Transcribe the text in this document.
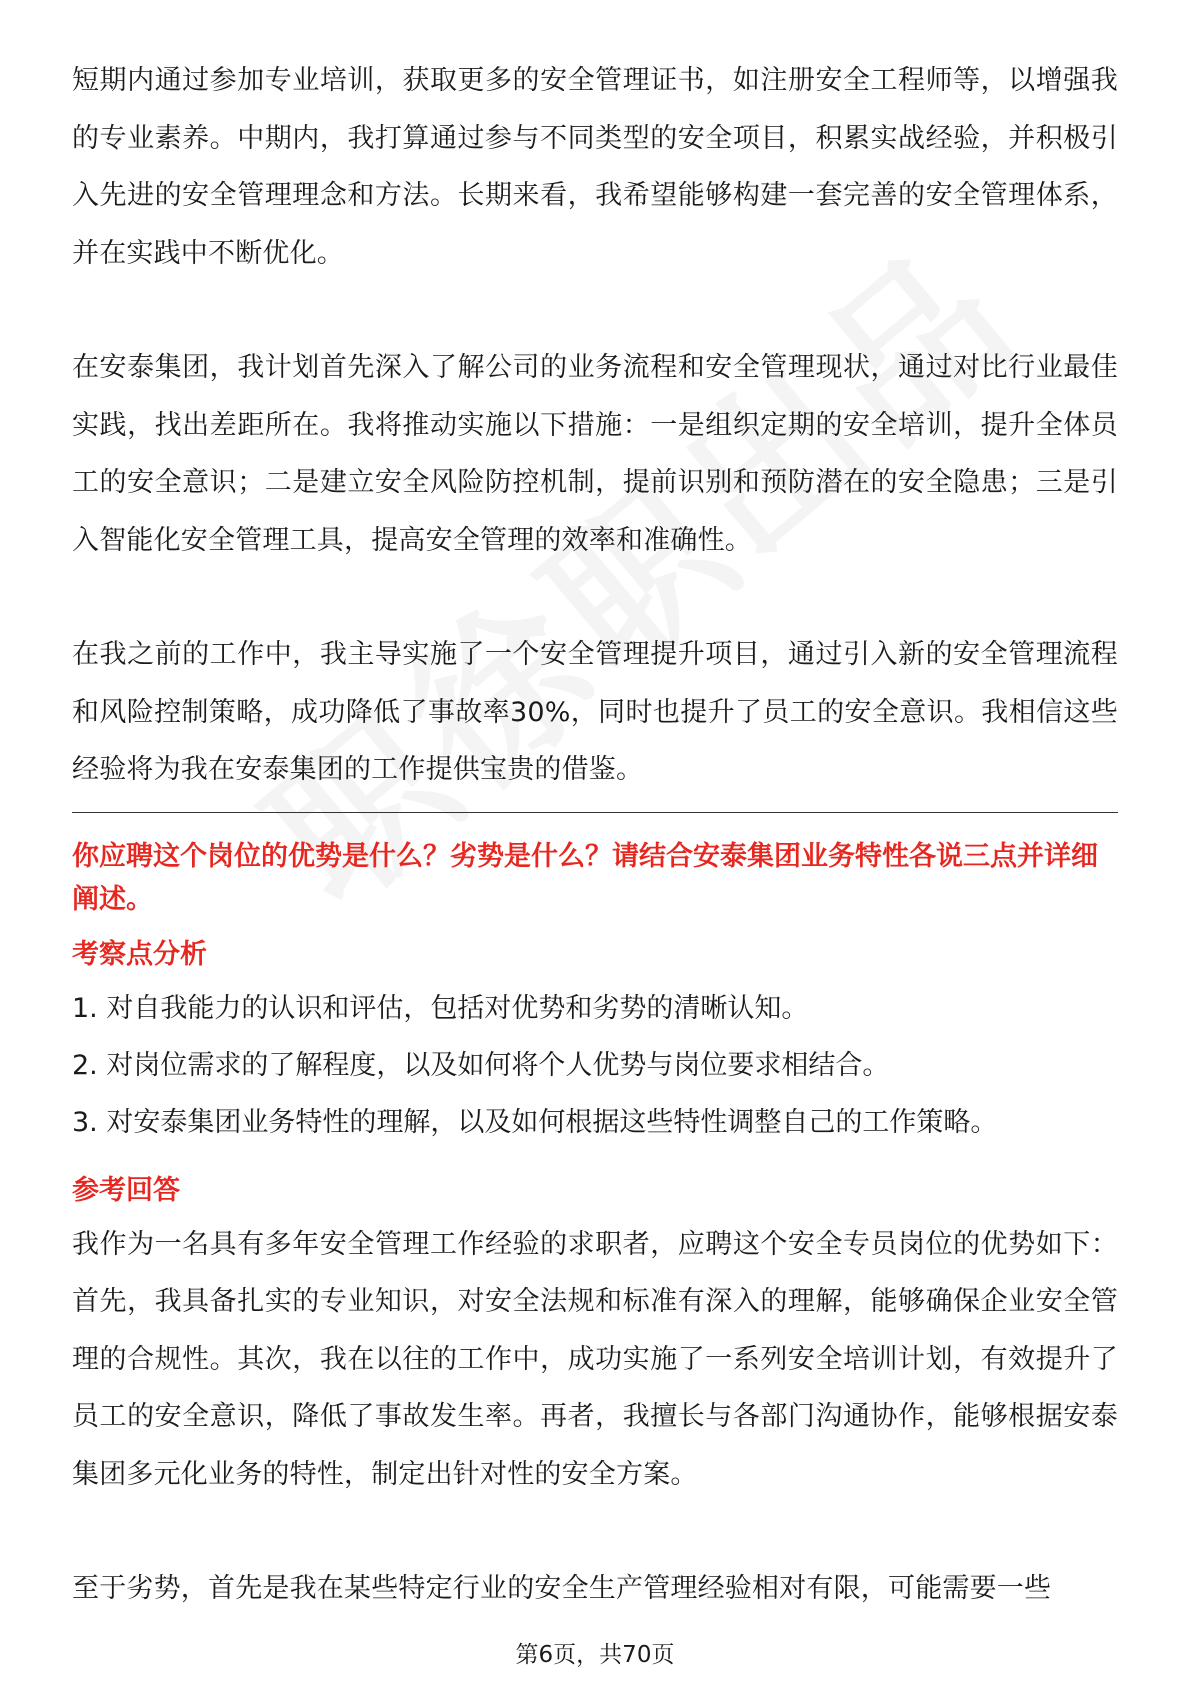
短期内通过参加专业培训，获取更多的安全管理证书，如注册安全工程师等，以增强我的专业素养。中期内，我打算通过参与不同类型的安全项目，积累实战经验，并积极引入先进的安全管理理念和方法。长期来看，我希望能够构建一套完善的安全管理体系，并在实践中不断优化。

在安泰集团，我计划首先深入了解公司的业务流程和安全管理现状，通过对比行业最佳实践，找出差距所在。我将推动实施以下措施：一是组织定期的安全培训，提升全体员工的安全意识；二是建立安全风险防控机制，提前识别和预防潜在的安全隐患；三是引入智能化安全管理工具，提高安全管理的效率和准确性。

在我之前的工作中，我主导实施了一个安全管理提升项目，通过引入新的安全管理流程和风险控制策略，成功降低了事故率30%，同时也提升了员工的安全意识。我相信这些经验将为我在安泰集团的工作提供宝贵的借鉴。

你应聘这个岗位的优势是什么？劣势是什么？请结合安泰集团业务特性各说三点并详细阐述。

考察点分析

1. 对自我能力的认识和评估，包括对优势和劣势的清晰认知。

2. 对岗位需求的了解程度，以及如何将个人优势与岗位要求相结合。

3. 对安泰集团业务特性的理解，以及如何根据这些特性调整自己的工作策略。

参考回答

我作为一名具有多年安全管理工作经验的求职者，应聘这个安全专员岗位的优势如下：首先，我具备扎实的专业知识，对安全法规和标准有深入的理解，能够确保企业安全管理的合规性。其次，我在以往的工作中，成功实施了一系列安全培训计划，有效提升了员工的安全意识，降低了事故发生率。再者，我擅长与各部门沟通协作，能够根据安泰集团多元化业务的特性，制定出针对性的安全方案。

至于劣势，首先是我在某些特定行业的安全生产管理经验相对有限，可能需要一些

第6页，共70页
